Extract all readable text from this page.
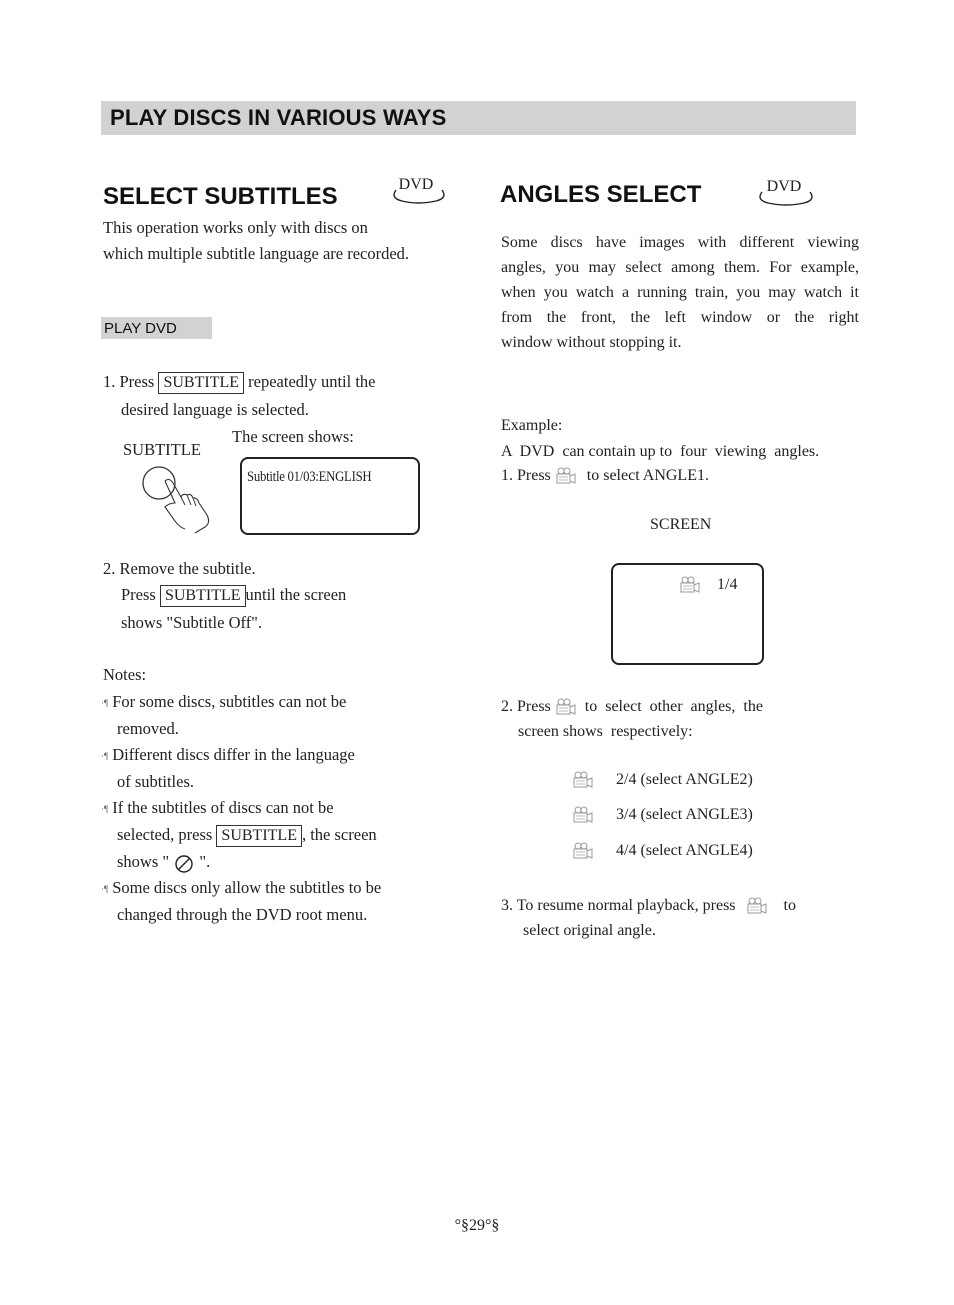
PLAY DISCS IN VARIOUS WAYS
SELECT SUBTITLES	DVD
This operation works only with discs on
which multiple subtitle language are recorded.
PLAY DVD
1. Press SUBTITLE repeatedly until the
desired language is selected.
The screen shows:
SUBTITLE
Subtitle 01/03:ENGLISH
2. Remove the subtitle.
Press SUBTITLE until the screen
shows "Subtitle Off".
Notes:
·¶ For some discs, subtitles can not be
removed.
·¶ Different discs differ in the language
of subtitles.
·¶ If the subtitles of discs can not be
selected, press SUBTITLE , the screen
shows " ".
·¶ Some discs only allow the subtitles to be
changed through the DVD root menu.
ANGLES SELECT	DVD
Some discs have images with different viewing
angles, you may select among them. For example,
when you watch a running train, you may watch it
from the front, the left window or the right
window without stopping it.
Example:
A  DVD  can contain up to  four  viewing  angles.
1. Press to select ANGLE1.
SCREEN
1/4
2. Press to  select  other  angles,  the
screen shows  respectively:
2/4 (select ANGLE2)
3/4 (select ANGLE3)
4/4 (select ANGLE4)
3. To resume normal playback, press	to
select original angle.
°§29°§
